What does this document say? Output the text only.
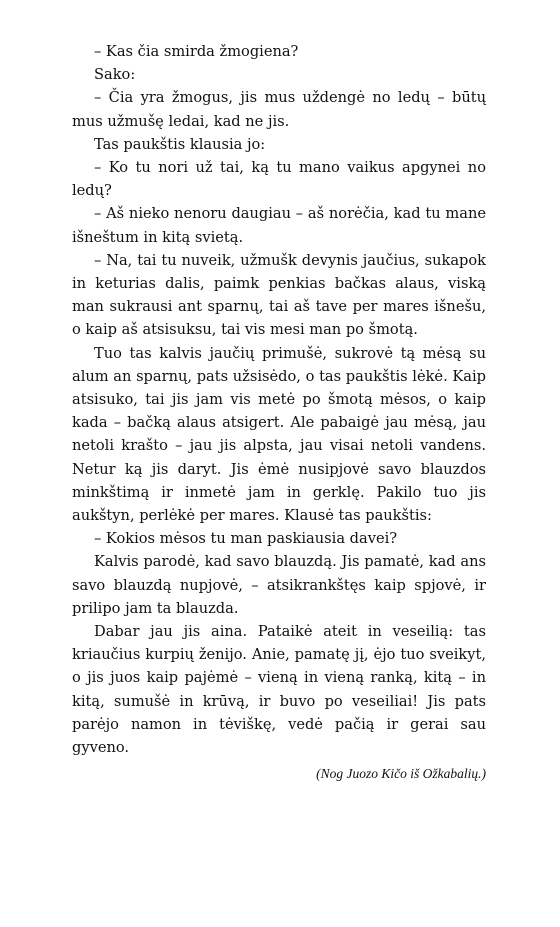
– Kas čia smirda žmogiena?

Sako:

– Čia yra žmogus, jis mus uždengė no ledų – būtų mus užmušę ledai, kad ne jis.

Tas paukštis klausia jo:

– Ko tu nori už tai, ką tu mano vaikus apgynei no ledų?

– Aš nieko nenoru daugiau – aš norėčia, kad tu mane išneštum in kitą svietą.

– Na, tai tu nuveik, užmušk devynis jaučius, sukapok in keturias dalis, paimk penkias bačkas alaus, viską man sukrausi ant sparnų, tai aš tave per mares išnešu, o kaip aš atsisuksu, tai vis mesi man po šmotą.

Tuo tas kalvis jaučių primušė, sukrovė tą mėsą su alum an sparnų, pats užsisėdo, o tas paukštis lėkė. Kaip atsisuko, tai jis jam vis metė po šmotą mėsos, o kaip kada – bačką alaus atsigert. Ale pabaigė jau mėsą, jau netoli krašto – jau jis alpsta, jau visai netoli vandens. Netur ką jis daryt. Jis ėmė nusipjovė savo blauzdos minkštimą ir inmetė jam in gerklę. Pakilo tuo jis aukštyn, perlėkė per mares. Klausė tas paukštis:

– Kokios mėsos tu man paskiausia davei?

Kalvis parodė, kad savo blauzdą. Jis pamatė, kad ans savo blauzdą nupjovė, – atsikrankštęs kaip spjovė, ir prilipo jam ta blauzda.

Dabar jau jis aina. Pataikė ateit in veseilią: tas kriaučius kurpių ženijo. Anie, pamatę jį, ėjo tuo sveikyt, o jis juos kaip pajėmė – vieną in vieną ranką, kitą – in kitą, sumušė in krūvą, ir buvo po veseiliai! Jis pats parėjo namon in tėviškę, vedė pačią ir gerai sau gyveno.

(Nog Juozo Kičo iš Ožkabalių.)
